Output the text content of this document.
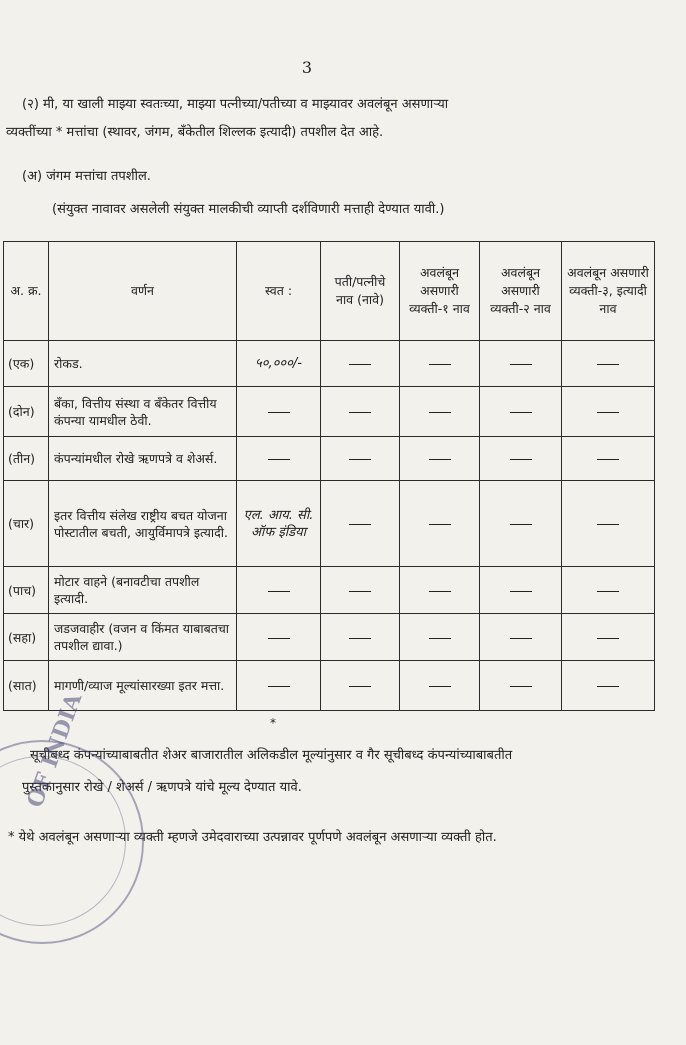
3
(२) मी, या खाली माझ्या स्वतःच्या, माझ्या पत्नीच्या/पतीच्या व माझ्यावर अवलंबून असणाऱ्या
व्यक्तींच्या * मत्तांचा (स्थावर, जंगम, बँकेतील शिल्लक इत्यादी) तपशील देत आहे.
(अ) जंगम मत्तांचा तपशील.
(संयुक्त नावावर असलेली संयुक्त मालकीची व्याप्ती दर्शविणारी मत्ताही देण्यात यावी.)
अ. क्र.	वर्णन	स्वत :	पती/पत्नीचे नाव (नावे)	अवलंबून असणारी व्यक्ती-१ नाव	अवलंबून असणारी व्यक्ती-२ नाव	अवलंबून असणारी व्यक्ती-३, इत्यादी नाव
(एक)	रोकड.	५०,०००/-				
(दोन)	बँका, वित्तीय संस्था व बँकेतर वित्तीय कंपन्या यामधील ठेवी.					
(तीन)	कंपन्यांमधील रोखे ऋणपत्रे व शेअर्स.					
(चार)	इतर वित्तीय संलेख राष्ट्रीय बचत योजना पोस्टातील बचती, आयुर्विमापत्रे इत्यादी.	एल. आय. सी. ऑफ इंडिया				
(पाच)	मोटार वाहने (बनावटीचा तपशील इत्यादी.					
(सहा)	जडजवाहीर (वजन व किंमत याबाबतचा तपशील द्यावा.)					
(सात)	मागणी/व्याज मूल्यांसारख्या इतर मत्ता.					
*
सूचीबध्द कंपन्यांच्याबाबतीत शेअर बाजारातील अलिकडील मूल्यांनुसार व गैर सूचीबध्द कंपन्यांच्याबाबतीत
पुस्तकानुसार रोखे / शेअर्स / ऋणपत्रे यांचे मूल्य देण्यात यावे.
* येथे अवलंबून असणाऱ्या व्यक्ती म्हणजे उमेदवाराच्या उत्पन्नावर पूर्णपणे अवलंबून असणाऱ्या व्यक्ती होत.
OF INDIA
